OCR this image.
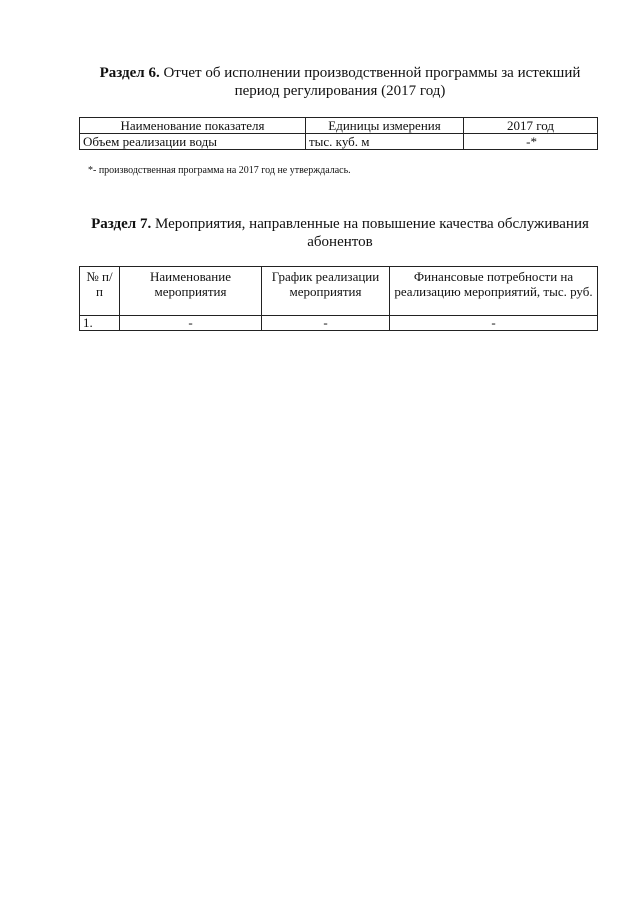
Раздел 6. Отчет об исполнении производственной программы за истекший период регулирования (2017 год)
Наименование показателя	Единицы измерения	2017 год
Объем реализации воды	тыс. куб. м	-*
*- производственная программа на 2017 год не утверждалась.
Раздел 7. Мероприятия, направленные на повышение качества обслуживания абонентов
№ п/п	Наименование мероприятия	График реализации мероприятия	Финансовые потребности на реализацию мероприятий, тыс. руб.
1.	-	-	-
